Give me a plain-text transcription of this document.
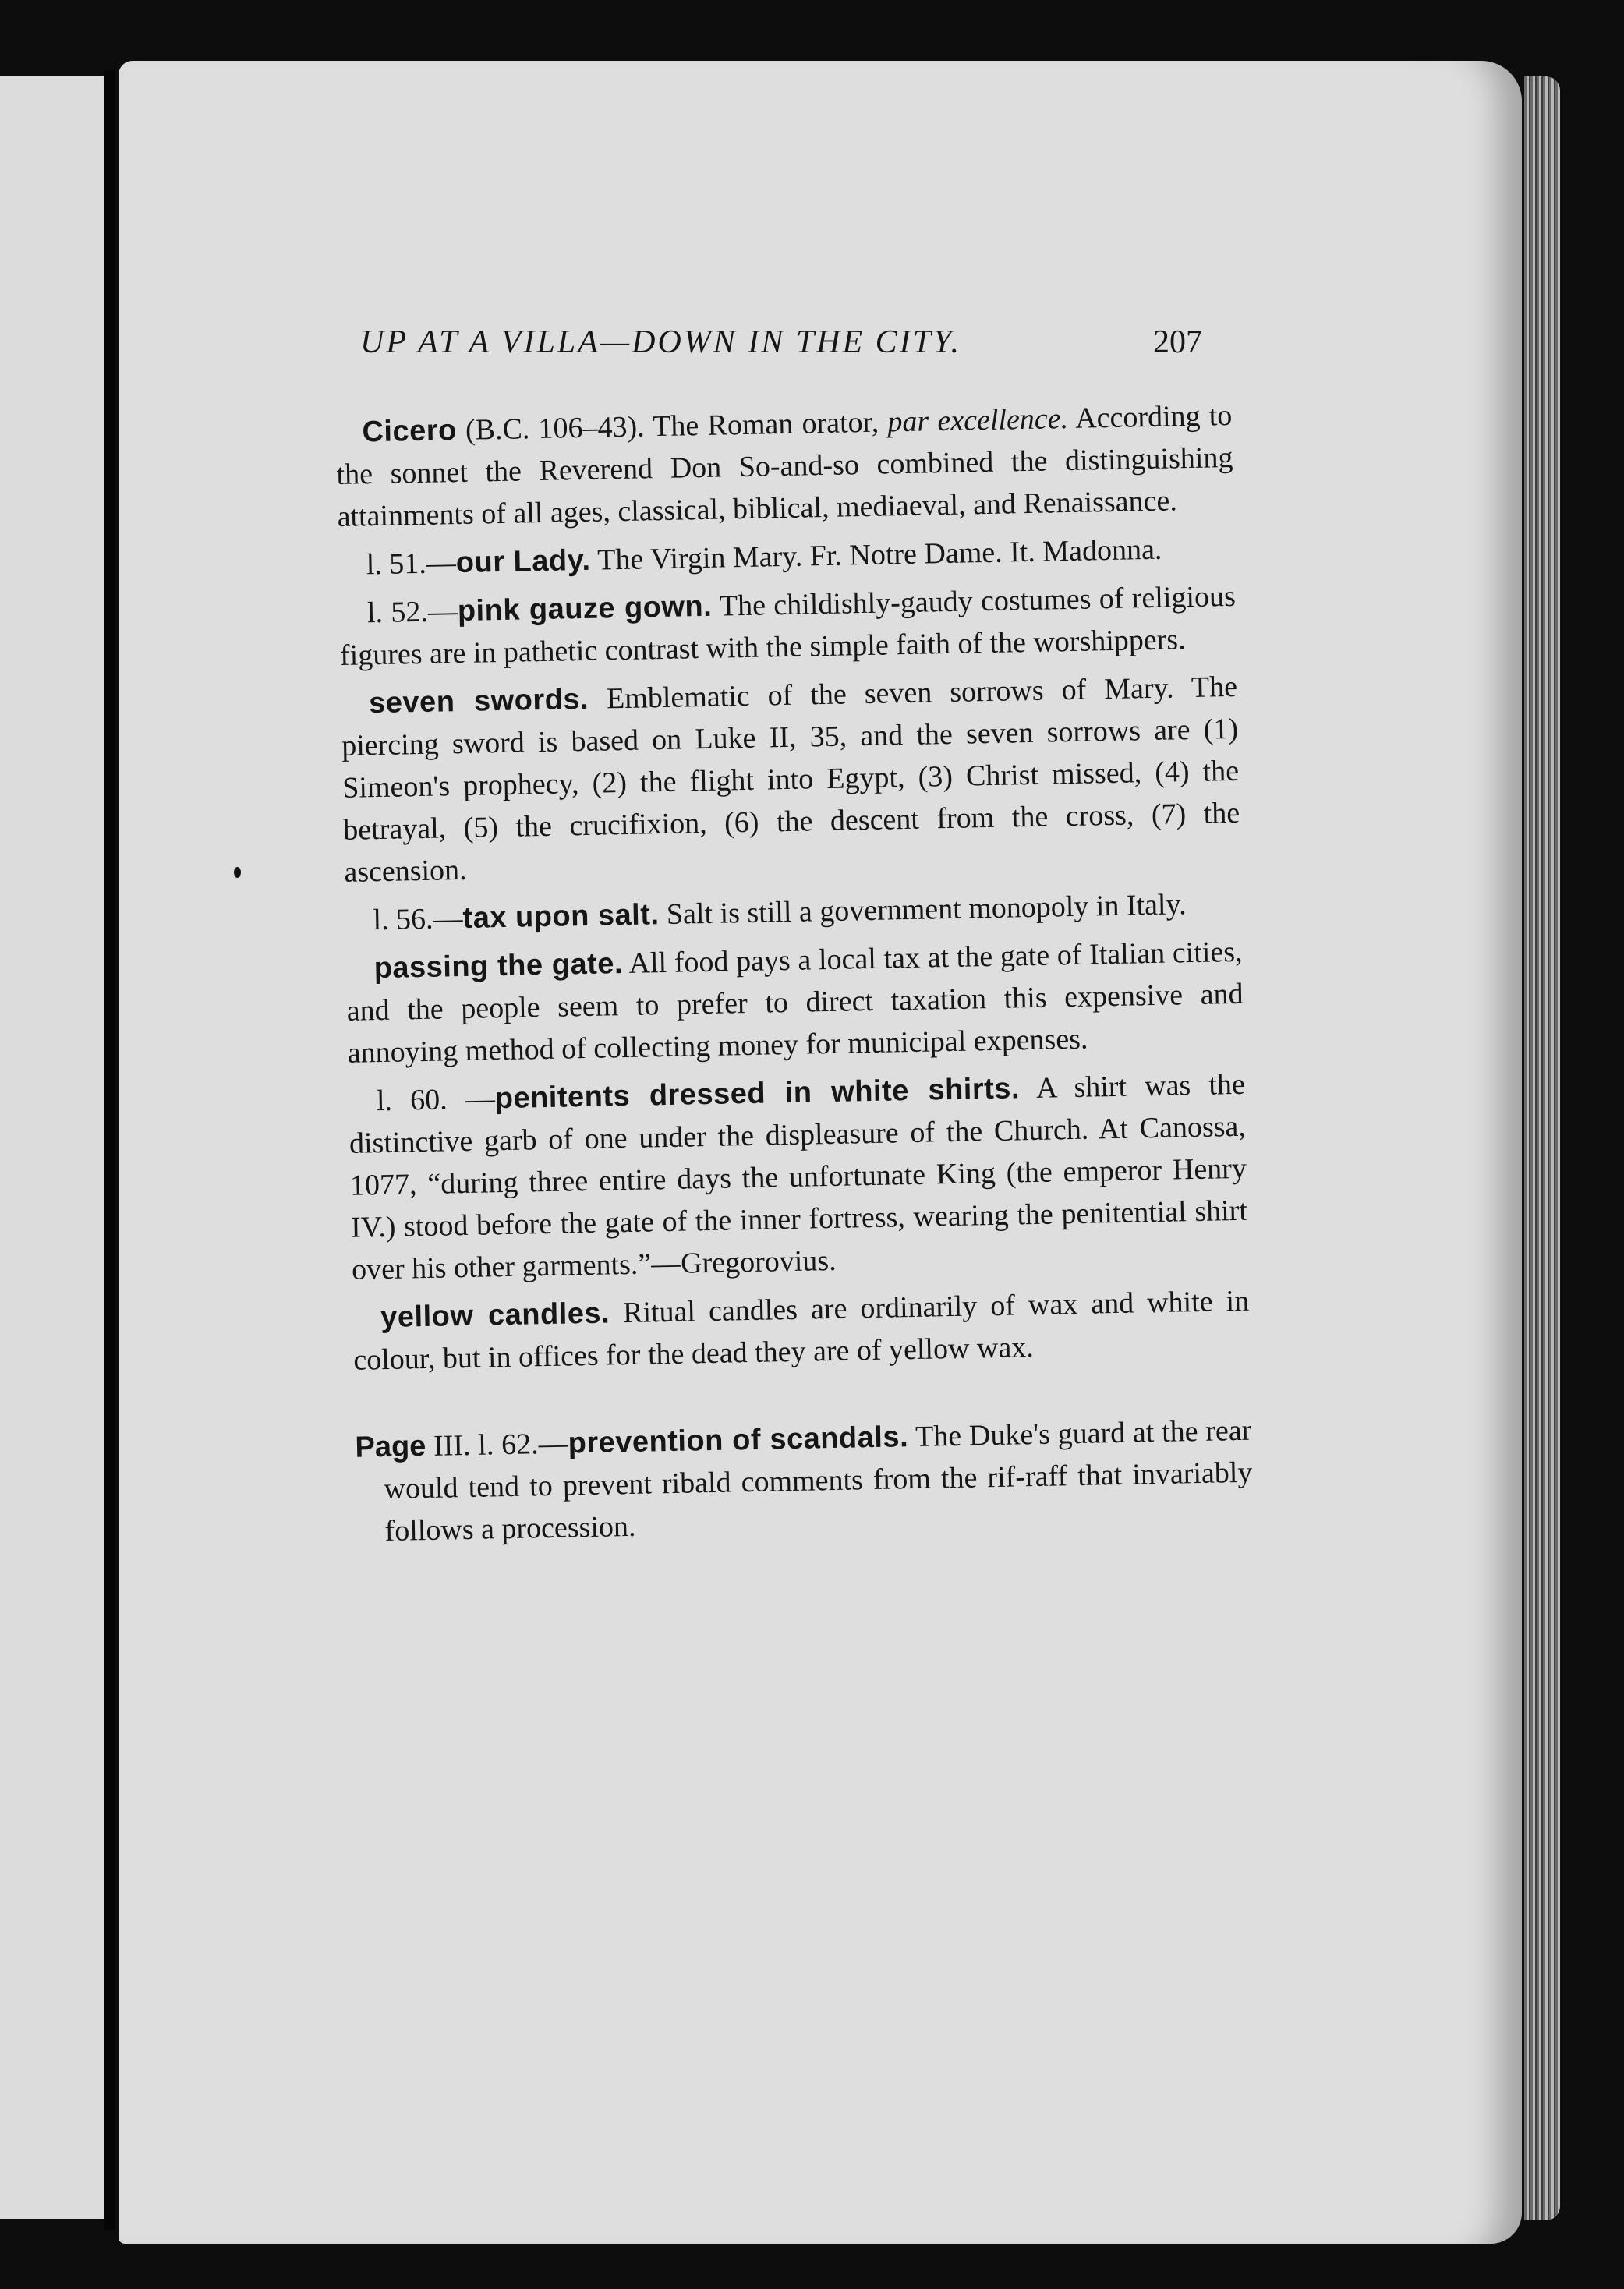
UP AT A VILLA—DOWN IN THE CITY.	207

Cicero (B.C. 106–43). The Roman orator, par excellence. According to the sonnet the Reverend Don So-and-so combined the distinguishing attainments of all ages, classical, biblical, mediaeval, and Renaissance.

l. 51.—our Lady. The Virgin Mary. Fr. Notre Dame. It. Madonna.

l. 52.—pink gauze gown. The childishly-gaudy costumes of religious figures are in pathetic contrast with the simple faith of the worshippers.

seven swords. Emblematic of the seven sorrows of Mary. The piercing sword is based on Luke II, 35, and the seven sorrows are (1) Simeon's prophecy, (2) the flight into Egypt, (3) Christ missed, (4) the betrayal, (5) the crucifixion, (6) the descent from the cross, (7) the ascension.

l. 56.—tax upon salt. Salt is still a government monopoly in Italy.

passing the gate. All food pays a local tax at the gate of Italian cities, and the people seem to prefer to direct taxation this expensive and annoying method of collecting money for municipal expenses.

l. 60. —penitents dressed in white shirts. A shirt was the distinctive garb of one under the displeasure of the Church. At Canossa, 1077, “during three entire days the unfortunate King (the emperor Henry IV.) stood before the gate of the inner fortress, wearing the penitential shirt over his other garments.”—Gregorovius.

yellow candles. Ritual candles are ordinarily of wax and white in colour, but in offices for the dead they are of yellow wax.

Page III. l. 62.—prevention of scandals. The Duke's guard at the rear would tend to prevent ribald comments from the rif-raff that invariably follows a procession.
